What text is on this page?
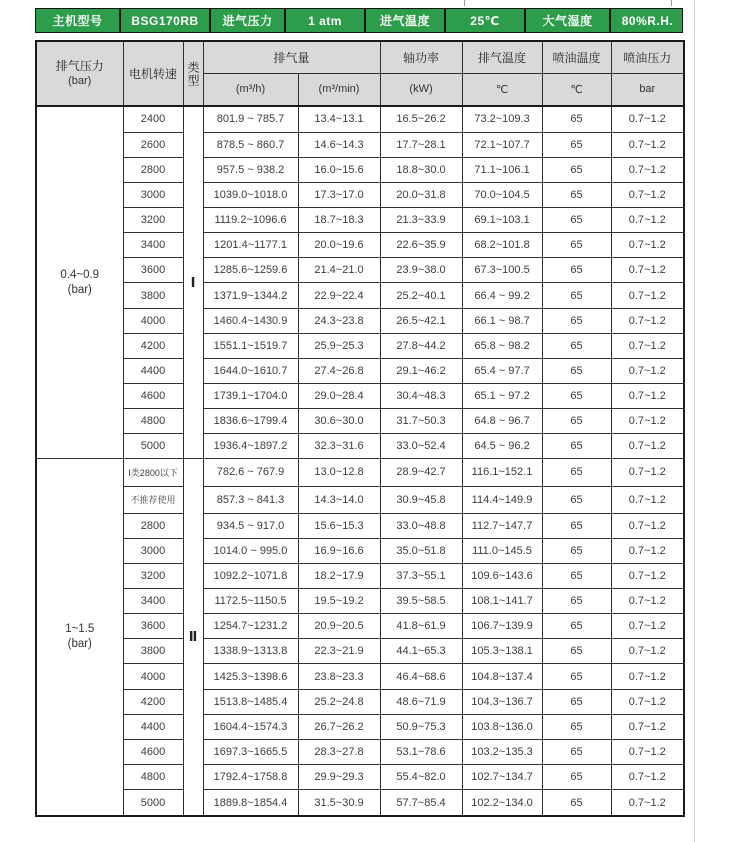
主机型号	BSG170RB	进气压力	1 atm	进气温度	25℃	大气湿度	80%R.H.
排气压力
(bar)	电机转速	类型	排气量		轴功率	排气温度	喷油温度	喷油压力
			(m³/h)	(m³/min)	(kW)	℃	℃	bar

0.4~0.9
(bar)	2400	Ⅰ	801.9 ~ 785.7	13.4~13.1	16.5~26.2	73.2~109.3	65	0.7~1.2
	2600		878.5 ~ 860.7	14.6~14.3	17.7~28.1	72.1~107.7	65	0.7~1.2
	2800		957.5 ~ 938.2	16.0~15.6	18.8~30.0	71.1~106.1	65	0.7~1.2
	3000		1039.0~1018.0	17.3~17.0	20.0~31.8	70.0~104.5	65	0.7~1.2
	3200		1119.2~1096.6	18.7~18.3	21.3~33.9	69.1~103.1	65	0.7~1.2
	3400		1201.4~1177.1	20.0~19.6	22.6~35.9	68.2~101.8	65	0.7~1.2
	3600		1285.6~1259.6	21.4~21.0	23.9~38.0	67.3~100.5	65	0.7~1.2
	3800		1371.9~1344.2	22.9~22.4	25.2~40.1	66.4 ~ 99.2	65	0.7~1.2
	4000		1460.4~1430.9	24.3~23.8	26.5~42.1	66.1 ~ 98.7	65	0.7~1.2
	4200		1551.1~1519.7	25.9~25.3	27.8~44.2	65.8 ~ 98.2	65	0.7~1.2
	4400		1644.0~1610.7	27.4~26.8	29.1~46.2	65.4 ~ 97.7	65	0.7~1.2
	4600		1739.1~1704.0	29.0~28.4	30.4~48.3	65.1 ~ 97.2	65	0.7~1.2
	4800		1836.6~1799.4	30.6~30.0	31.7~50.3	64.8 ~ 96.7	65	0.7~1.2
	5000		1936.4~1897.2	32.3~31.6	33.0~52.4	64.5 ~ 96.2	65	0.7~1.2

1~1.5
(bar)	Ⅰ类2800以下	Ⅱ	782.6 ~ 767.9	13.0~12.8	28.9~42.7	116.1~152.1	65	0.7~1.2
	不推荐使用		857.3 ~ 841.3	14.3~14.0	30.9~45.8	114.4~149.9	65	0.7~1.2
	2800		934.5 ~ 917.0	15.6~15.3	33.0~48.8	112.7~147.7	65	0.7~1.2
	3000		1014.0 ~ 995.0	16.9~16.6	35.0~51.8	111.0~145.5	65	0.7~1.2
	3200		1092.2~1071.8	18.2~17.9	37.3~55.1	109.6~143.6	65	0.7~1.2
	3400		1172.5~1150.5	19.5~19.2	39.5~58.5	108.1~141.7	65	0.7~1.2
	3600		1254.7~1231.2	20.9~20.5	41.8~61.9	106.7~139.9	65	0.7~1.2
	3800		1338.9~1313.8	22.3~21.9	44.1~65.3	105.3~138.1	65	0.7~1.2
	4000		1425.3~1398.6	23.8~23.3	46.4~68.6	104.8~137.4	65	0.7~1.2
	4200		1513.8~1485.4	25.2~24.8	48.6~71.9	104.3~136.7	65	0.7~1.2
	4400		1604.4~1574.3	26.7~26.2	50.9~75.3	103.8~136.0	65	0.7~1.2
	4600		1697.3~1665.5	28.3~27.8	53.1~78.6	103.2~135.3	65	0.7~1.2
	4800		1792.4~1758.8	29.9~29.3	55.4~82.0	102.7~134.7	65	0.7~1.2
	5000		1889.8~1854.4	31.5~30.9	57.7~85.4	102.2~134.0	65	0.7~1.2
